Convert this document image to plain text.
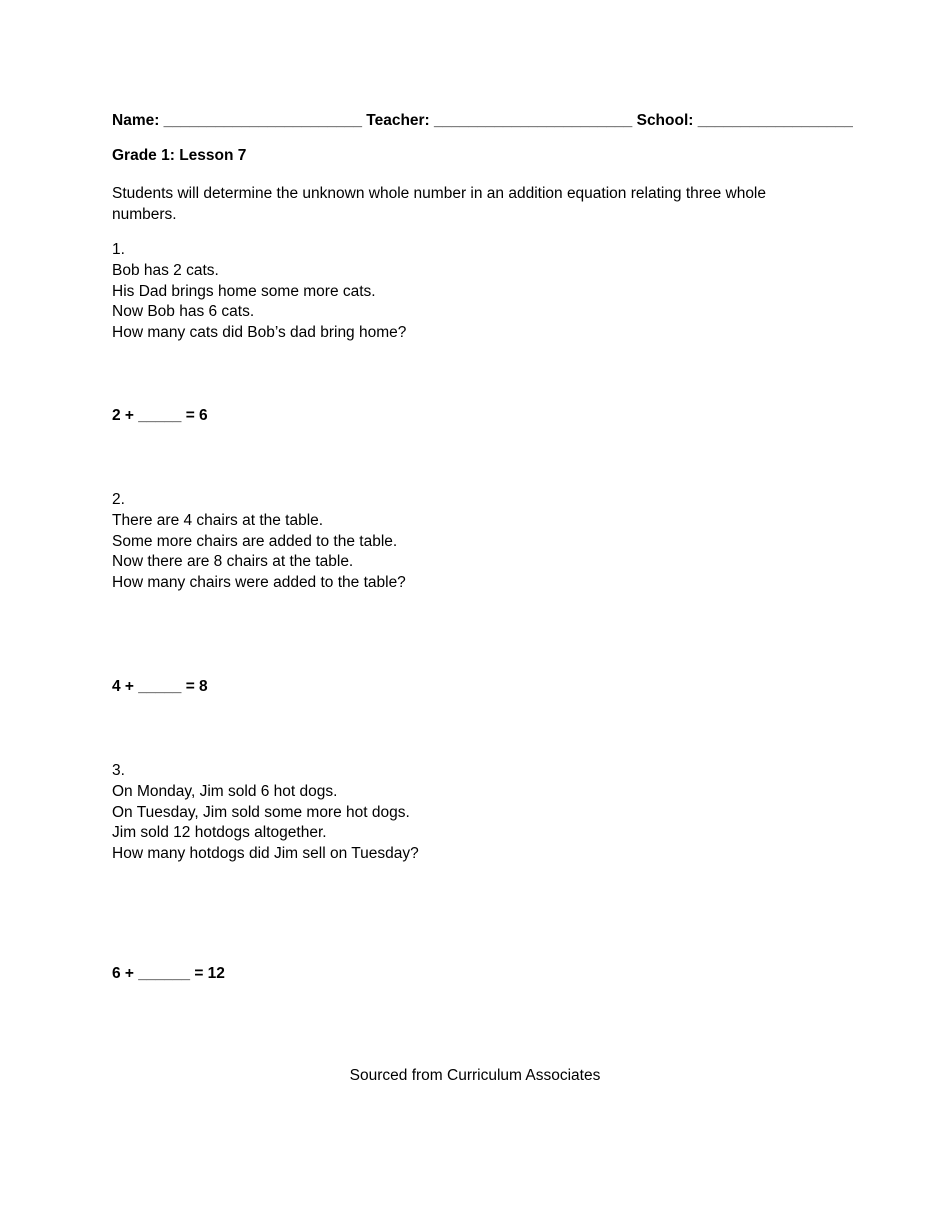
Name: _______________________ Teacher: _______________________ School: __________________
Grade 1: Lesson 7
Students will determine the unknown whole number in an addition equation relating three whole numbers.
1.
Bob has 2 cats.
His Dad brings home some more cats.
Now Bob has 6 cats.
How many cats did Bob’s dad bring home?
2 + _____ = 6
2.
There are 4 chairs at the table.
Some more chairs are added to the table.
Now there are 8 chairs at the table.
How many chairs were added to the table?
4 + _____ = 8
3.
On Monday, Jim sold 6 hot dogs.
On Tuesday, Jim sold some more hot dogs.
Jim sold 12 hotdogs altogether.
How many hotdogs did Jim sell on Tuesday?
6 + ______ = 12
Sourced from Curriculum Associates
